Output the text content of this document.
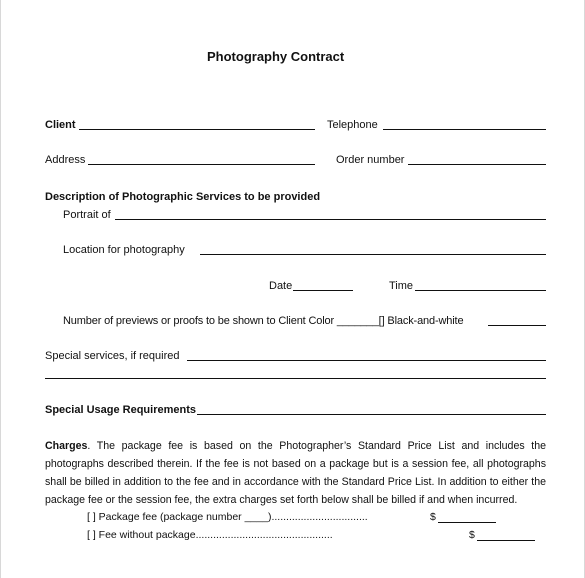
Photography Contract
Client	Telephone
Address	Order number
Description of Photographic Services to be provided
Portrait of
Location for photography
Date	Time
Number of previews or proofs to be shown to Client Color _______[] Black-and-white
Special services, if required
Special Usage Requirements
Charges. The package fee is based on the Photographer’s Standard Price List and includes the photographs described therein. If the fee is not based on a package but is a session fee, all photographs shall be billed in addition to the fee and in accordance with the Standard Price List. In addition to either the package fee or the session fee, the extra charges set forth below shall be billed if and when incurred.
[ ] Package fee (package number ____).................................	$
[ ] Fee without package...............................................	$
